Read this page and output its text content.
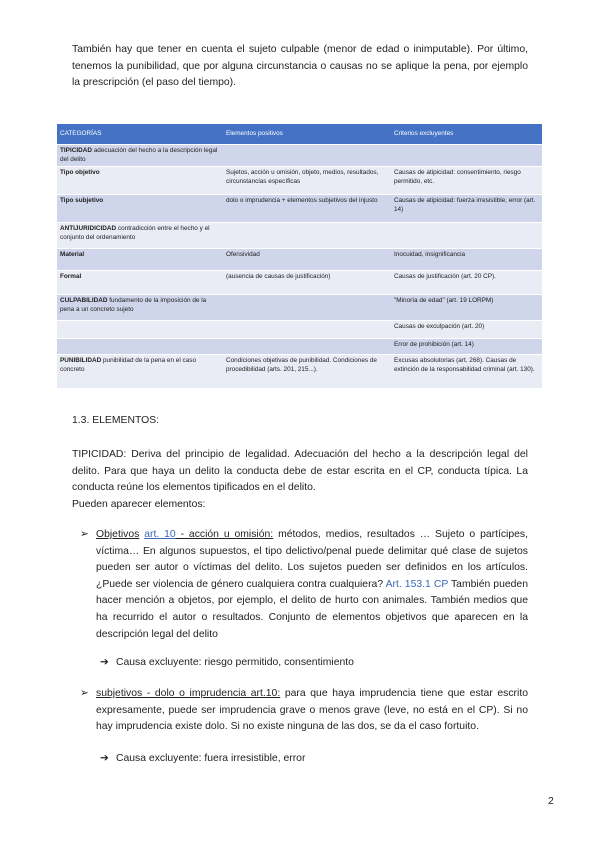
También hay que tener en cuenta el sujeto culpable (menor de edad o inimputable). Por último, tenemos la punibilidad, que por alguna circunstancia o causas no se aplique la pena, por ejemplo la prescripción (el paso del tiempo).

CATEGORÍAS	Elementos positivos	Criterios excluyentes
TIPICIDAD adecuación del hecho a la descripción legal del delito		
Tipo objetivo	Sujetos, acción u omisión, objeto, medios, resultados, circunstancias específicas	Causas de atipicidad: consentimiento, riesgo permitido, etc.
Tipo subjetivo	dolo o imprudencia + elementos subjetivos del injusto	Causas de atipicidad: fuerza irresistible, error (art. 14)
ANTIJURIDICIDAD contradicción entre el hecho y el conjunto del ordenamiento		
Material	Ofensividad	Inocuidad, insignificancia
Formal	(ausencia de causas de justificación)	Causas de justificación (art. 20 CP).
CULPABILIDAD fundamento de la imposición de la pena a un concreto sujeto		"Minoría de edad" (art. 19 LORPM)
		Causas de exculpación (art. 20)
		Error de prohibición (art. 14)
PUNIBILIDAD punibilidad de la pena en el caso concreto	Condiciones objetivas de punibilidad. Condiciones de procedibilidad (arts. 201, 215...).	Excusas absolutorias (art. 268). Causas de extinción de la responsabilidad criminal (art. 130).

1.3. ELEMENTOS:

TIPICIDAD: Deriva del principio de legalidad. Adecuación del hecho a la descripción legal del delito. Para que haya un delito la conducta debe de estar escrita en el CP, conducta típica. La conducta reúne los elementos tipificados en el delito.
Pueden aparecer elementos:
➢ Objetivos art. 10 - acción u omisión: métodos, medios, resultados … Sujeto o partícipes, víctima… En algunos supuestos, el tipo delictivo/penal puede delimitar qué clase de sujetos pueden ser autor o víctimas del delito. Los sujetos pueden ser definidos en los artículos. ¿Puede ser violencia de género cualquiera contra cualquiera? Art. 153.1 CP También pueden hacer mención a objetos, por ejemplo, el delito de hurto con animales. También medios que ha recurrido el autor o resultados. Conjunto de elementos objetivos que aparecen en la descripción legal del delito
➔ Causa excluyente: riesgo permitido, consentimiento
➢ subjetivos - dolo o imprudencia art.10: para que haya imprudencia tiene que estar escrito expresamente, puede ser imprudencia grave o menos grave (leve, no está en el CP). Si no hay imprudencia existe dolo. Si no existe ninguna de las dos, se da el caso fortuito.
➔ Causa excluyente: fuera irresistible, error
2
